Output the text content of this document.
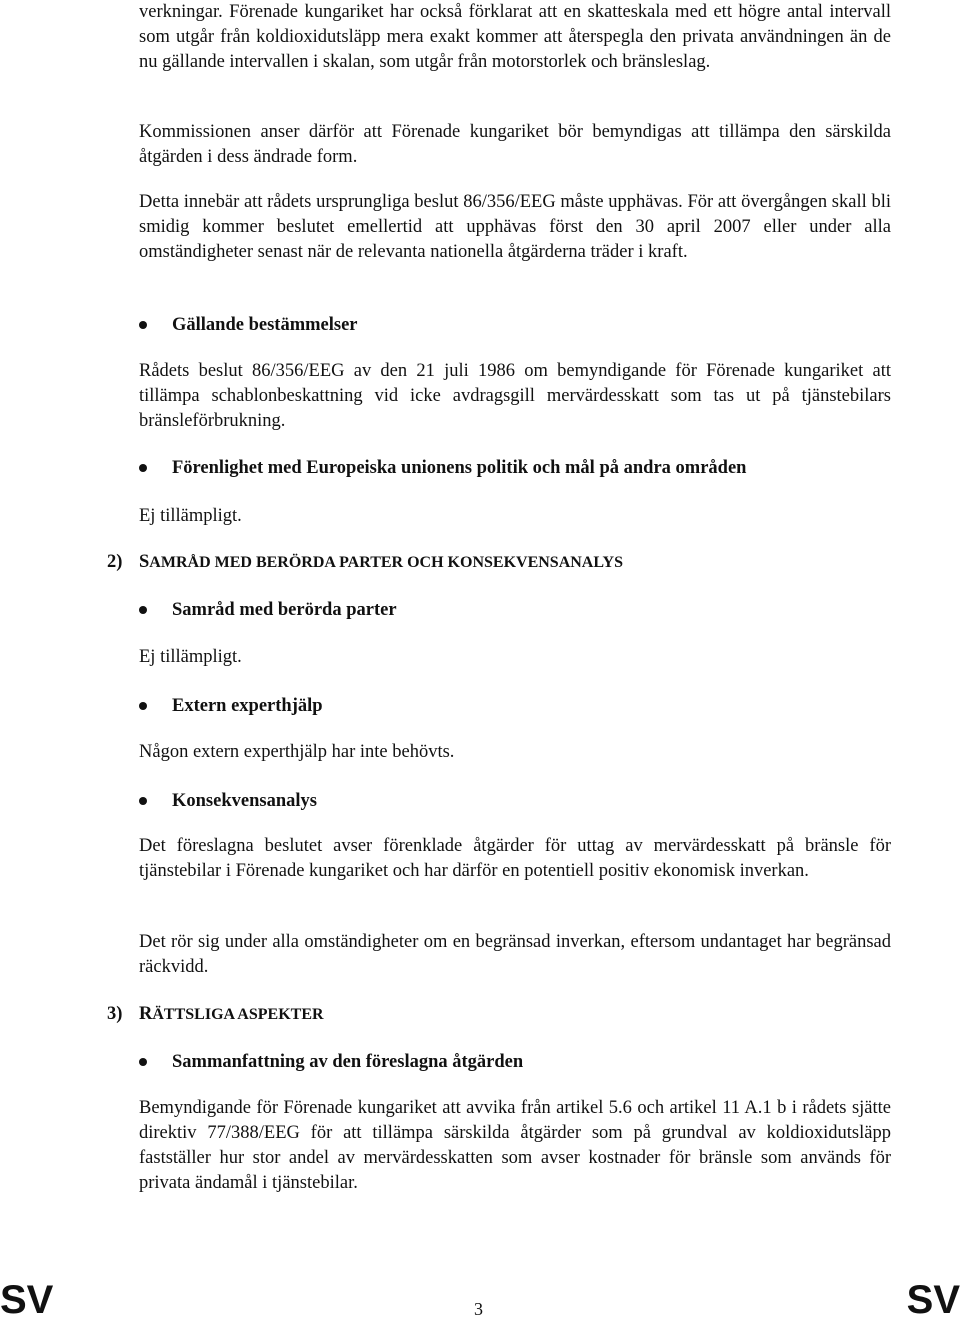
verkningar. Förenade kungariket har också förklarat att en skatteskala med ett högre antal intervall som utgår från koldioxidutsläpp mera exakt kommer att återspegla den privata användningen än de nu gällande intervallen i skalan, som utgår från motorstorlek och bränsleslag.

Kommissionen anser därför att Förenade kungariket bör bemyndigas att tillämpa den särskilda åtgärden i dess ändrade form.

Detta innebär att rådets ursprungliga beslut 86/356/EEG måste upphävas. För att övergången skall bli smidig kommer beslutet emellertid att upphävas först den 30 april 2007 eller under alla omständigheter senast när de relevanta nationella åtgärderna träder i kraft.

Gällande bestämmelser

Rådets beslut 86/356/EEG av den 21 juli 1986 om bemyndigande för Förenade kungariket att tillämpa schablonbeskattning vid icke avdragsgill mervärdesskatt som tas ut på tjänstebilars bränsleförbrukning.

Förenlighet med Europeiska unionens politik och mål på andra områden

Ej tillämpligt.

2) SAMRÅD MED BERÖRDA PARTER OCH KONSEKVENSANALYS
Samråd med berörda parter

Ej tillämpligt.

Extern experthjälp

Någon extern experthjälp har inte behövts.

Konsekvensanalys

Det föreslagna beslutet avser förenklade åtgärder för uttag av mervärdesskatt på bränsle för tjänstebilar i Förenade kungariket och har därför en potentiell positiv ekonomisk inverkan.

Det rör sig under alla omständigheter om en begränsad inverkan, eftersom undantaget har begränsad räckvidd.

3) RÄTTSLIGA ASPEKTER
Sammanfattning av den föreslagna åtgärden

Bemyndigande för Förenade kungariket att avvika från artikel 5.6 och artikel 11 A.1 b i rådets sjätte direktiv 77/388/EEG för att tillämpa särskilda åtgärder som på grundval av koldioxidutsläpp fastställer hur stor andel av mervärdesskatten som avser kostnader för bränsle som används för privata ändamål i tjänstebilar.

SV	3	SV
